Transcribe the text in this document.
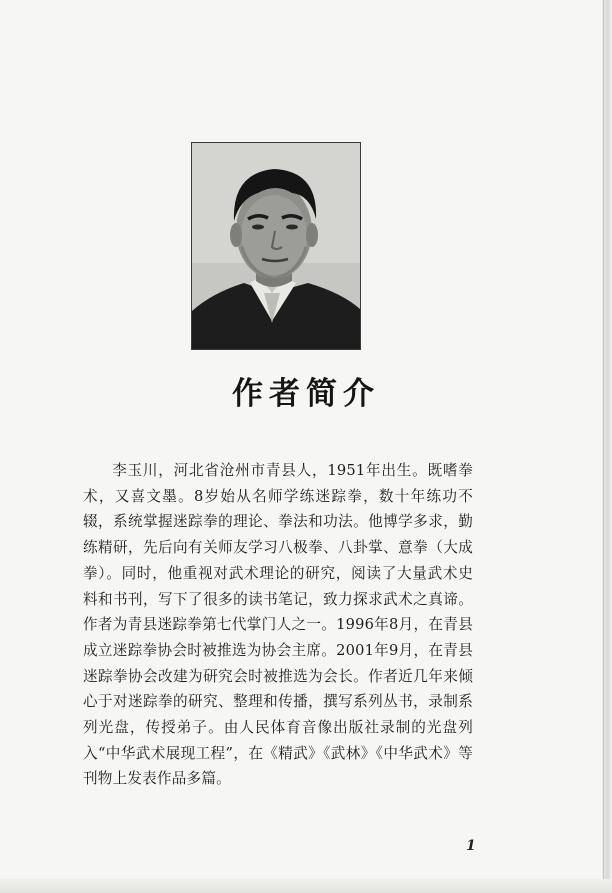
作者简介

李玉川，河北省沧州市青县人，1951年出生。既嗜拳术，又喜文墨。8岁始从名师学练迷踪拳，数十年练功不辍，系统掌握迷踪拳的理论、拳法和功法。他博学多求，勤练精研，先后向有关师友学习八极拳、八卦掌、意拳（大成拳）。同时，他重视对武术理论的研究，阅读了大量武术史料和书刊，写下了很多的读书笔记，致力探求武术之真谛。作者为青县迷踪拳第七代掌门人之一。1996年8月，在青县成立迷踪拳协会时被推选为协会主席。2001年9月，在青县迷踪拳协会改建为研究会时被推选为会长。作者近几年来倾心于对迷踪拳的研究、整理和传播，撰写系列丛书，录制系列光盘，传授弟子。由人民体育音像出版社录制的光盘列入“中华武术展现工程”，在《精武》《武林》《中华武术》等刊物上发表作品多篇。

1
